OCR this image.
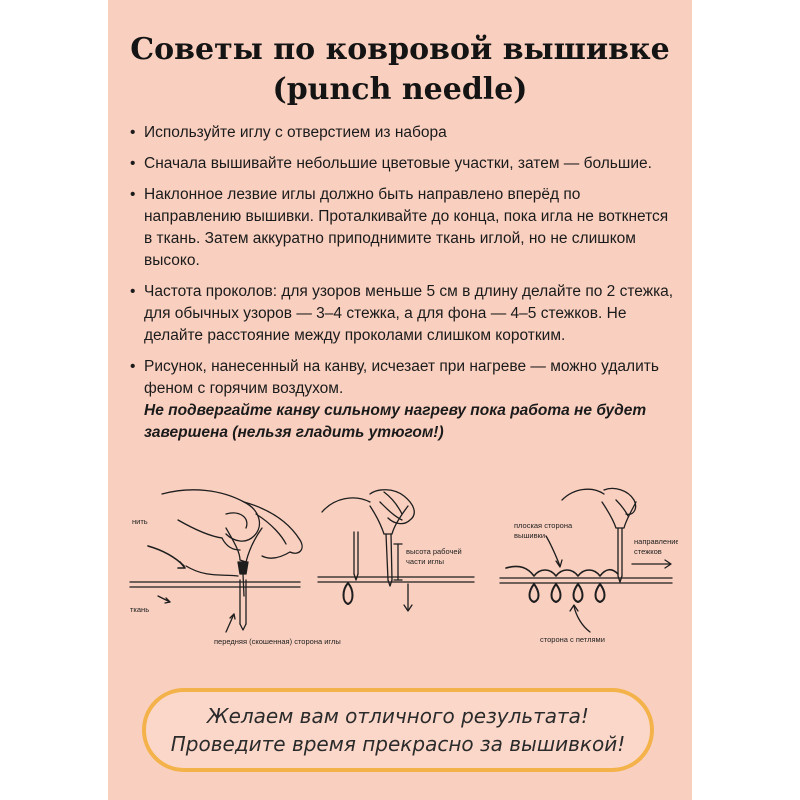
Советы по ковровой вышивке
(punch needle)
• Используйте иглу с отверстием из набора
• Сначала вышивайте небольшие цветовые участки, затем — большие.
• Наклонное лезвие иглы должно быть направлено вперёд по направлению вышивки. Проталкивайте до конца, пока игла не воткнется в ткань. Затем аккуратно приподнимите ткань иглой, но не слишком высоко.
• Частота проколов: для узоров меньше 5 см в длину делайте по 2 стежка, для обычных узоров — 3–4 стежка, а для фона — 4–5 стежков. Не делайте расстояние между проколами слишком коротким.
• Рисунок, нанесенный на канву, исчезает при нагреве — можно удалить феном с горячим воздухом.
Не подвергайте канву сильному нагреву пока работа не будет завершена (нельзя гладить утюгом!)
нить
ткань
передняя (скошенная) сторона иглы
высота рабочей
части иглы
плоская сторона
вышивки
направление
стежков
сторона с петлями
Желаем вам отличного результата!
Проведите время прекрасно за вышивкой!
